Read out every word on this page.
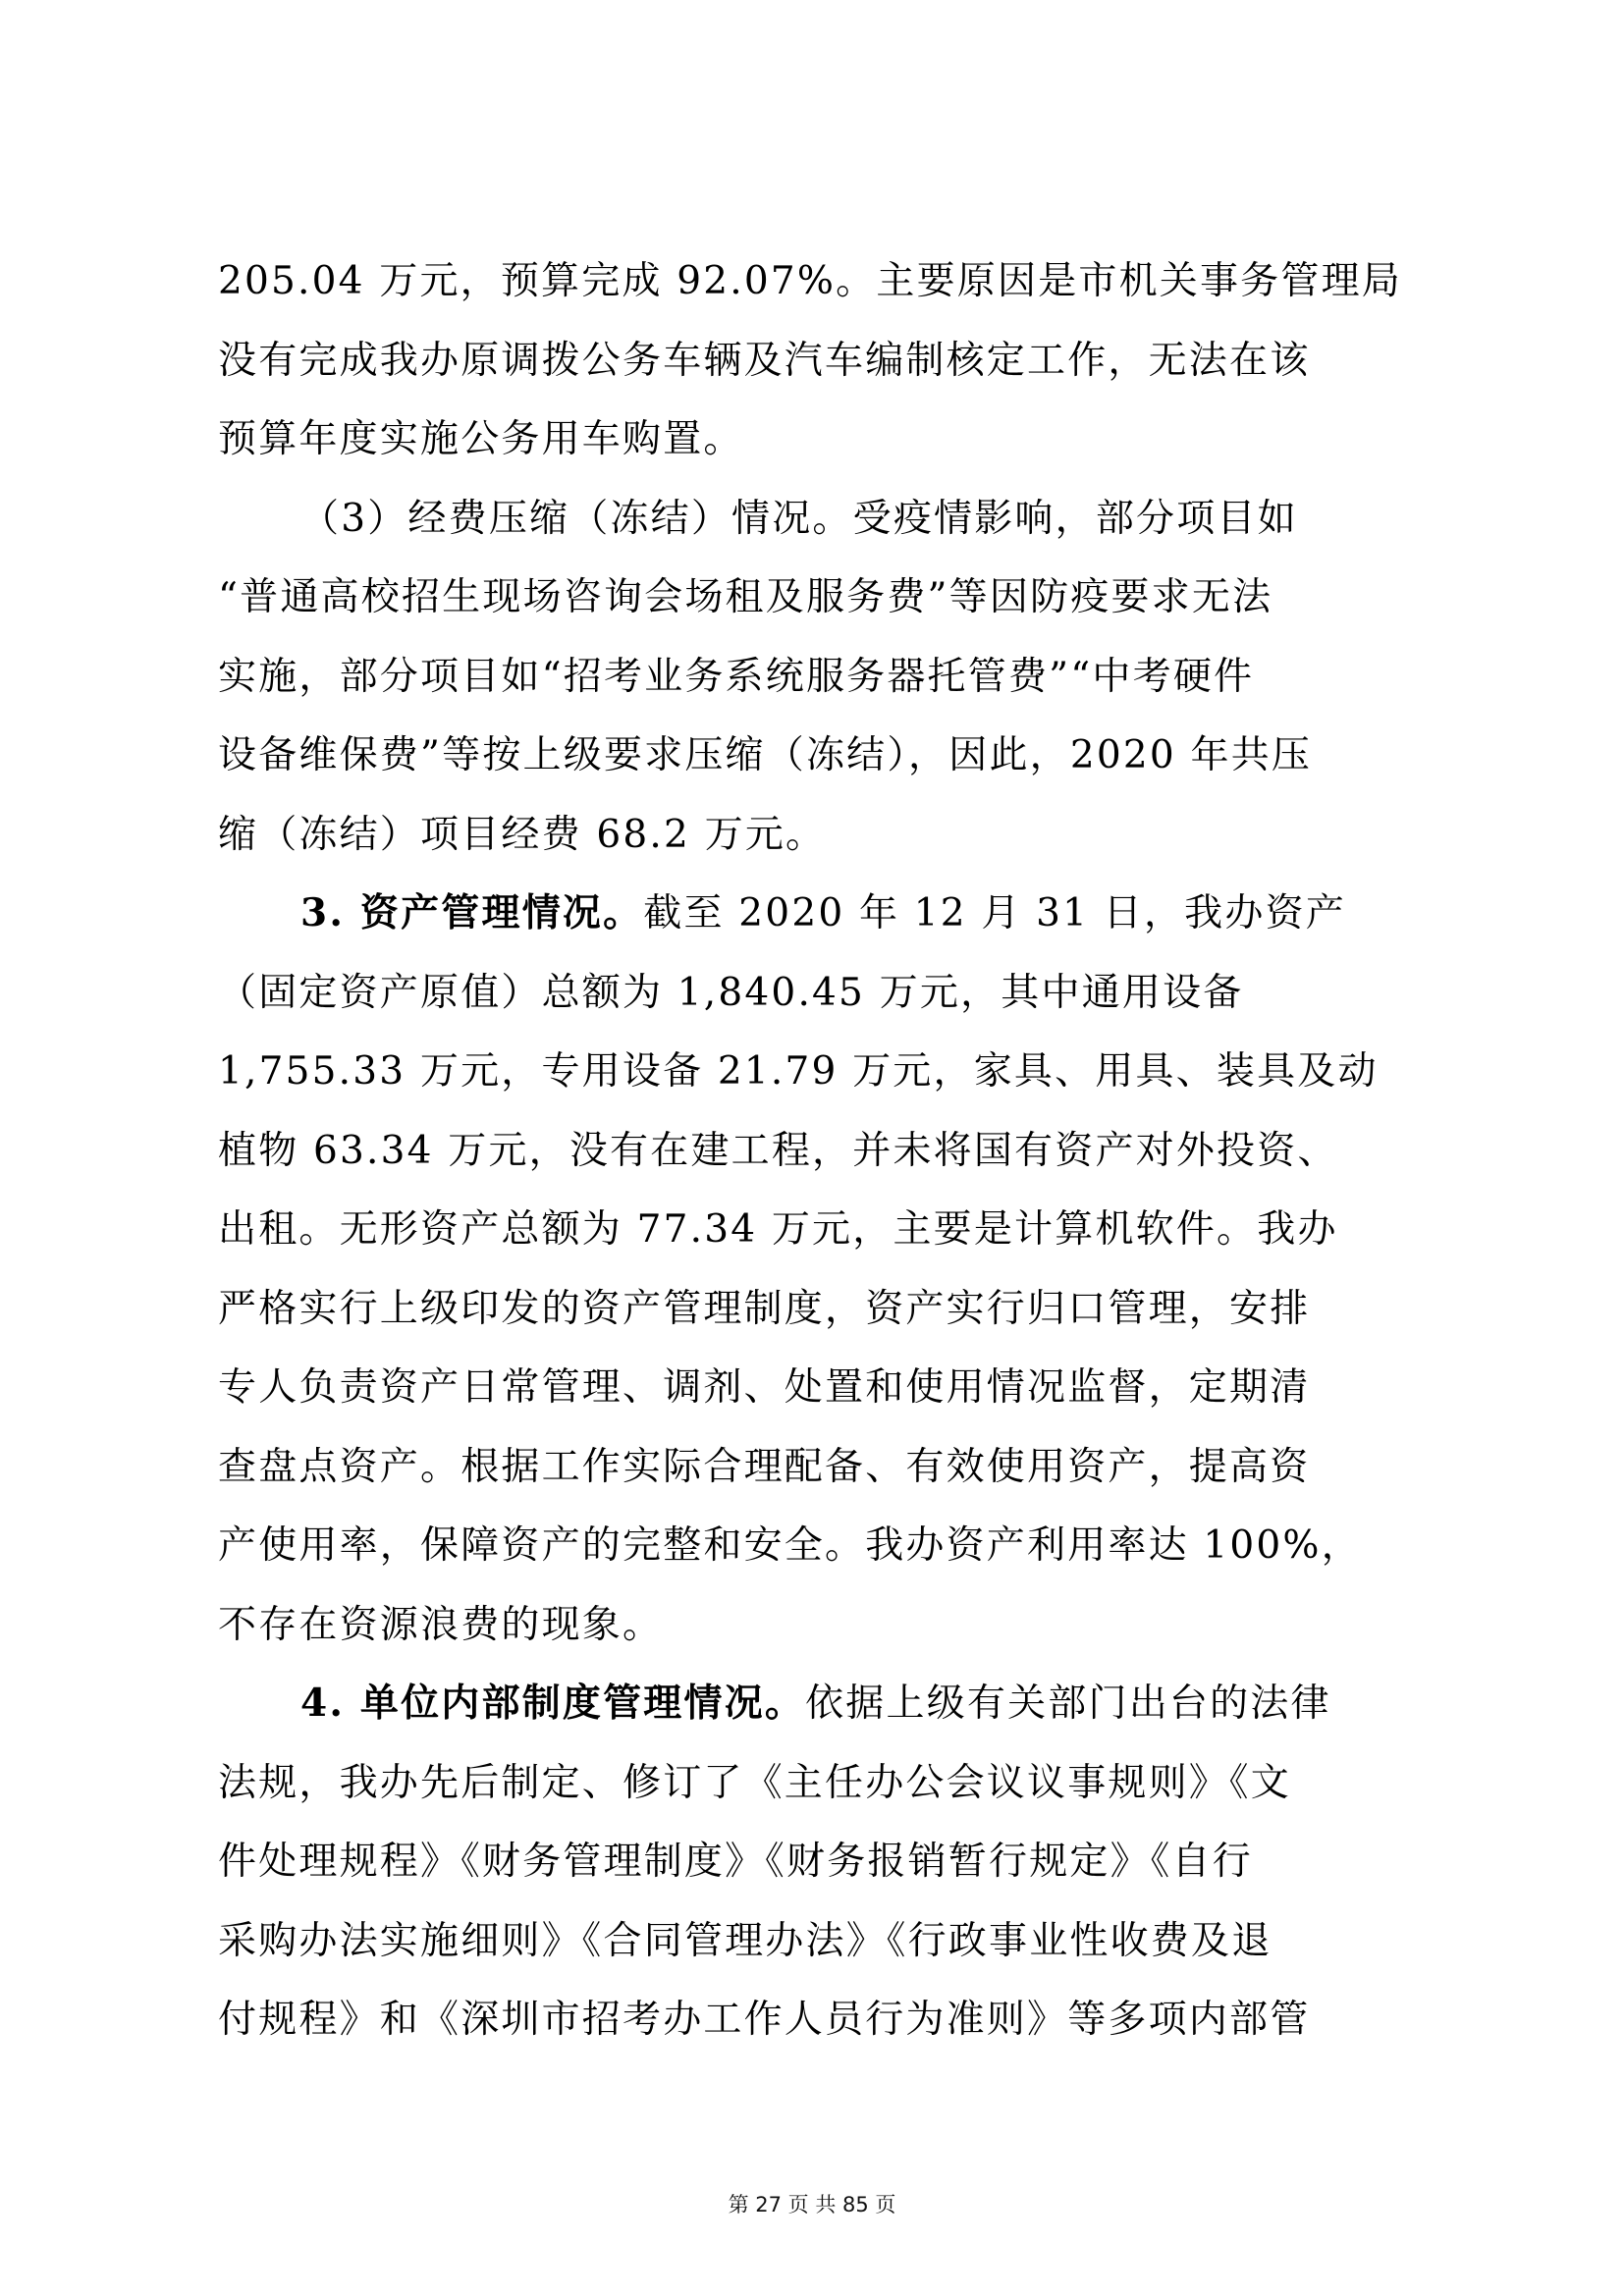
205.04 万元，预算完成 92.07%。主要原因是市机关事务管理局
没有完成我办原调拨公务车辆及汽车编制核定工作，无法在该
预算年度实施公务用车购置。
（3）经费压缩（冻结）情况。受疫情影响，部分项目如
“普通高校招生现场咨询会场租及服务费”等因防疫要求无法
实施，部分项目如“招考业务系统服务器托管费”“中考硬件
设备维保费”等按上级要求压缩（冻结），因此，2020 年共压
缩（冻结）项目经费 68.2 万元。
3. 资产管理情况。截至 2020 年 12 月 31 日，我办资产
（固定资产原值）总额为 1,840.45 万元，其中通用设备
1,755.33 万元，专用设备 21.79 万元，家具、用具、装具及动
植物 63.34 万元，没有在建工程，并未将国有资产对外投资、
出租。无形资产总额为 77.34 万元，主要是计算机软件。我办
严格实行上级印发的资产管理制度，资产实行归口管理，安排
专人负责资产日常管理、调剂、处置和使用情况监督，定期清
查盘点资产。根据工作实际合理配备、有效使用资产，提高资
产使用率，保障资产的完整和安全。我办资产利用率达 100%，
不存在资源浪费的现象。
4. 单位内部制度管理情况。依据上级有关部门出台的法律
法规，我办先后制定、修订了《主任办公会议议事规则》《文
件处理规程》《财务管理制度》《财务报销暂行规定》《自行
采购办法实施细则》《合同管理办法》《行政事业性收费及退
付规程》和《深圳市招考办工作人员行为准则》等多项内部管
第 27 页 共 85 页
